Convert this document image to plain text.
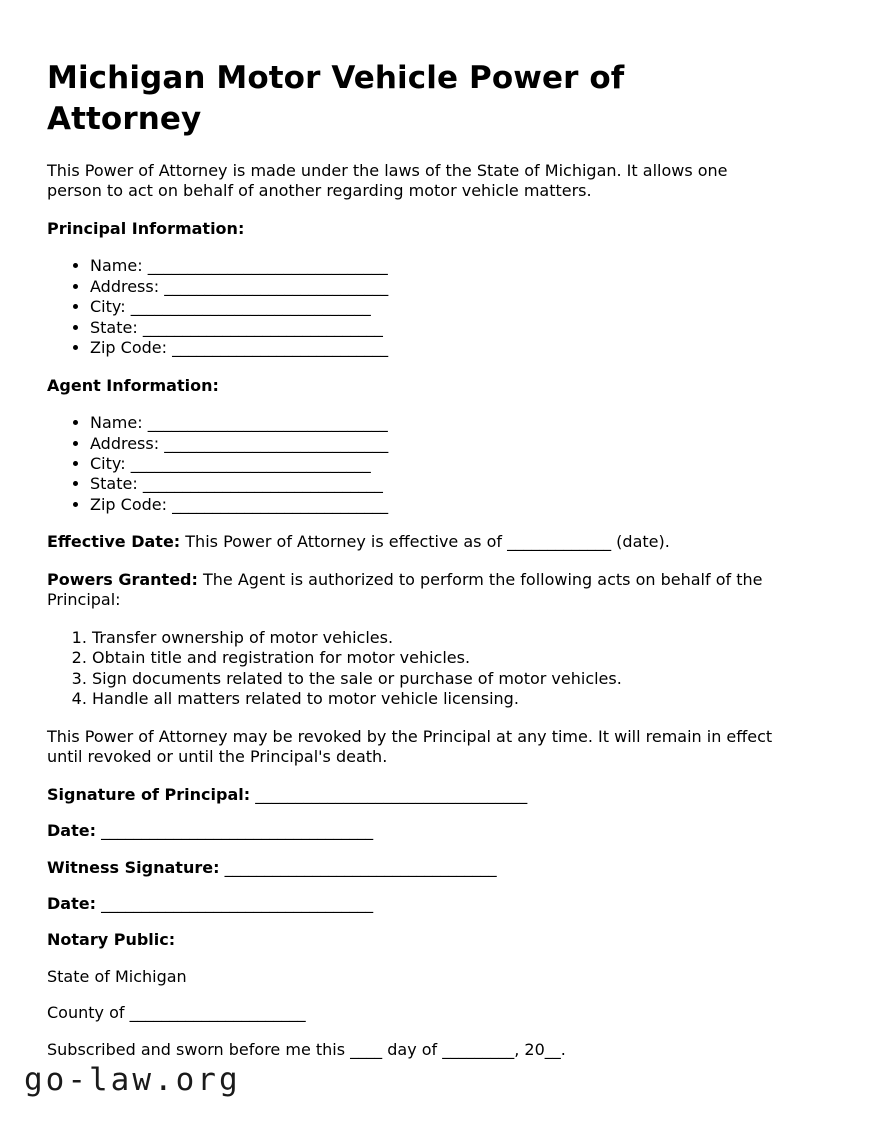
Michigan Motor Vehicle Power of Attorney

This Power of Attorney is made under the laws of the State of Michigan. It allows one
person to act on behalf of another regarding motor vehicle matters.

Principal Information:
• Name: ______________________________
• Address: ____________________________
• City: ______________________________
• State: ______________________________
• Zip Code: ___________________________
Agent Information:
• Name: ______________________________
• Address: ____________________________
• City: ______________________________
• State: ______________________________
• Zip Code: ___________________________

Effective Date: This Power of Attorney is effective as of _____________ (date).

Powers Granted: The Agent is authorized to perform the following acts on behalf of the
Principal:

1. Transfer ownership of motor vehicles.
2. Obtain title and registration for motor vehicles.
3. Sign documents related to the sale or purchase of motor vehicles.
4. Handle all matters related to motor vehicle licensing.

This Power of Attorney may be revoked by the Principal at any time. It will remain in effect
until revoked or until the Principal's death.

Signature of Principal: __________________________________

Date: __________________________________

Witness Signature: __________________________________

Date: __________________________________

Notary Public:

State of Michigan

County of ______________________

Subscribed and sworn before me this ____ day of _________, 20__.

go-law.org
